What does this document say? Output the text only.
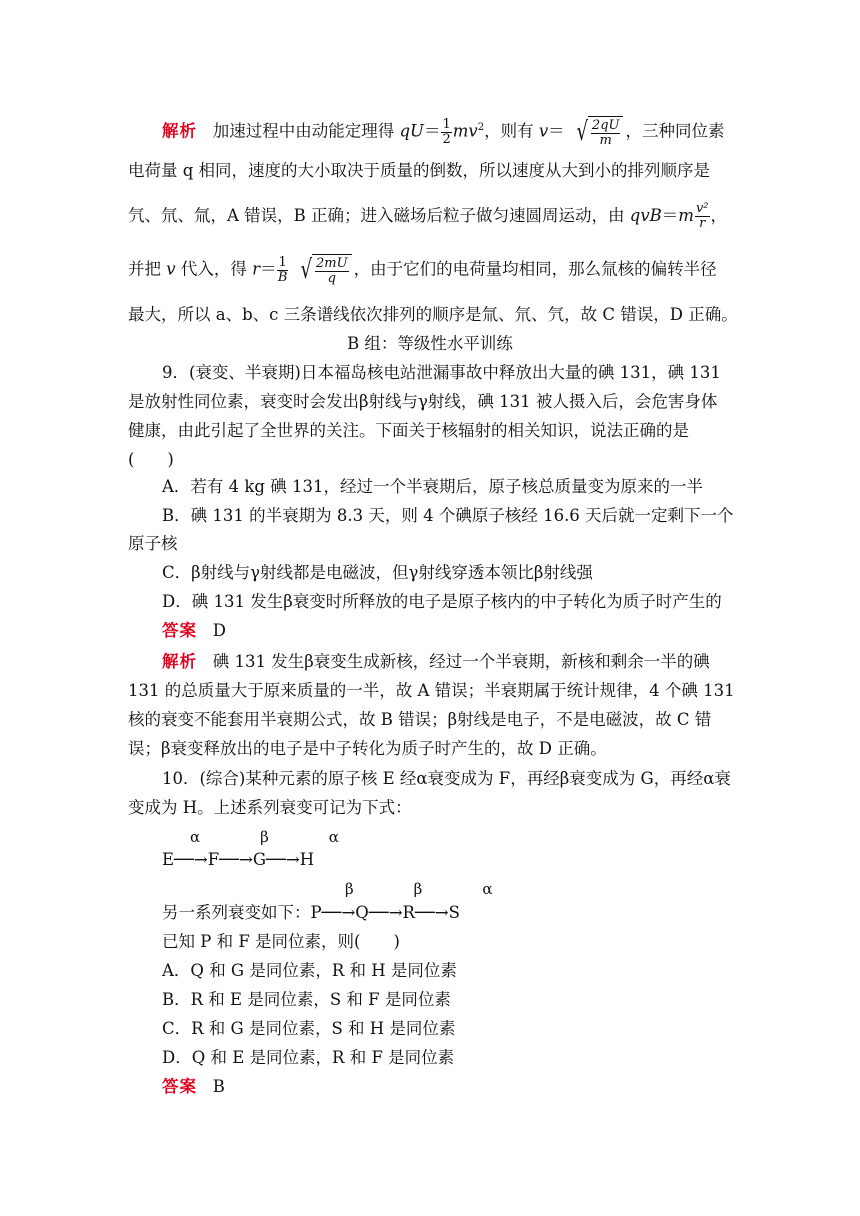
解析 加速过程中由动能定理得 $qU= \frac{1}{2} mv^2$，则有 v＝ √ $\frac{2qU}{m}$ ，三种同位素
电荷量 q 相同，速度的大小取决于质量的倒数，所以速度从大到小的排列顺序是
氕、氘、氚，A 错误，B 正确；进入磁场后粒子做匀速圆周运动，由 $qvB=m \frac{\text{v²}}{r}$ ，
并把 v 代入，得 $r= \frac{1}{B}$
√ $\frac{2mU}{q}$ ，由于它们的电荷量均相同，那么氚核的偏转半径
最大，所以 a、b、c 三条谱线依次排列的顺序是氚、氘、氕，故 C 错误，D 正确。
B 组：等级性水平训练
9．(衰变、半衰期)日本福岛核电站泄漏事故中释放出大量的碘 131，碘 131
是放射性同位素，衰变时会发出β射线与γ射线，碘 131 被人摄入后，会危害身体
健康，由此引起了全世界的关注。下面关于核辐射的相关知识，说法正确的是
(　　)
A．若有 4 kg 碘 131，经过一个半衰期后，原子核总质量变为原来的一半
B．碘 131 的半衰期为 8.3 天，则 4 个碘原子核经 16.6 天后就一定剩下一个
原子核
C．β射线与γ射线都是电磁波，但γ射线穿透本领比β射线强
D．碘 131 发生β衰变时所释放的电子是原子核内的中子转化为质子时产生的
答案 D
解析 碘 131 发生β衰变生成新核，经过一个半衰期，新核和剩余一半的碘
131 的总质量大于原来质量的一半，故 A 错误；半衰期属于统计规律，4 个碘 131
核的衰变不能套用半衰期公式，故 B 错误；β射线是电子，不是电磁波，故 C 错
误；β衰变释放出的电子是中子转化为质子时产生的，故 D 正确。
10．(综合)某种元素的原子核 E 经α衰变成为 F，再经β衰变成为 G，再经α衰
变成为 H。上述系列衰变可记为下式：
α　　　　β　　　　α
E──→F──→G──→H
β　　　　β　　　　α
另一系列衰变如下：P──→Q──→R──→S
已知 P 和 F 是同位素，则(　　)
A．Q 和 G 是同位素，R 和 H 是同位素
B．R 和 E 是同位素，S 和 F 是同位素
C．R 和 G 是同位素，S 和 H 是同位素
D．Q 和 E 是同位素，R 和 F 是同位素
答案 B
